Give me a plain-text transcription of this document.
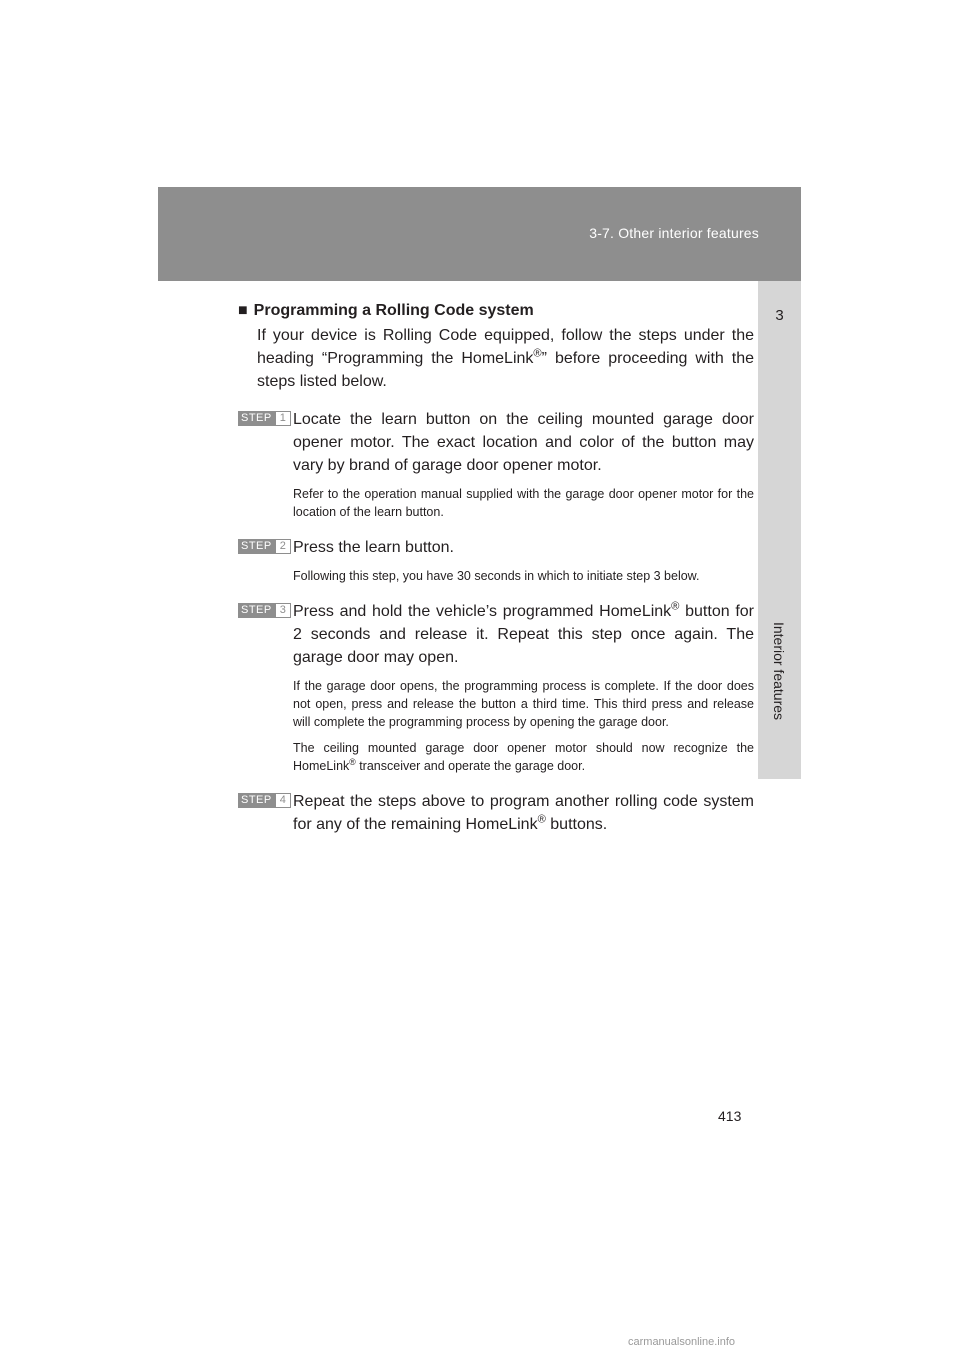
3-7. Other interior features
3
Interior features
■ Programming a Rolling Code system

If your device is Rolling Code equipped, follow the steps under the heading “Programming the HomeLink®” before proceeding with the steps listed below.

STEP 1 Locate the learn button on the ceiling mounted garage door opener motor. The exact location and color of the button may vary by brand of garage door opener motor.

Refer to the operation manual supplied with the garage door opener motor for the location of the learn button.

STEP 2 Press the learn button.

Following this step, you have 30 seconds in which to initiate step 3 below.

STEP 3 Press and hold the vehicle’s programmed HomeLink® button for 2 seconds and release it. Repeat this step once again. The garage door may open.

If the garage door opens, the programming process is complete. If the door does not open, press and release the button a third time. This third press and release will complete the programming process by opening the garage door.

The ceiling mounted garage door opener motor should now recognize the HomeLink® transceiver and operate the garage door.

STEP 4 Repeat the steps above to program another rolling code system for any of the remaining HomeLink® buttons.

413
carmanualsonline.info
